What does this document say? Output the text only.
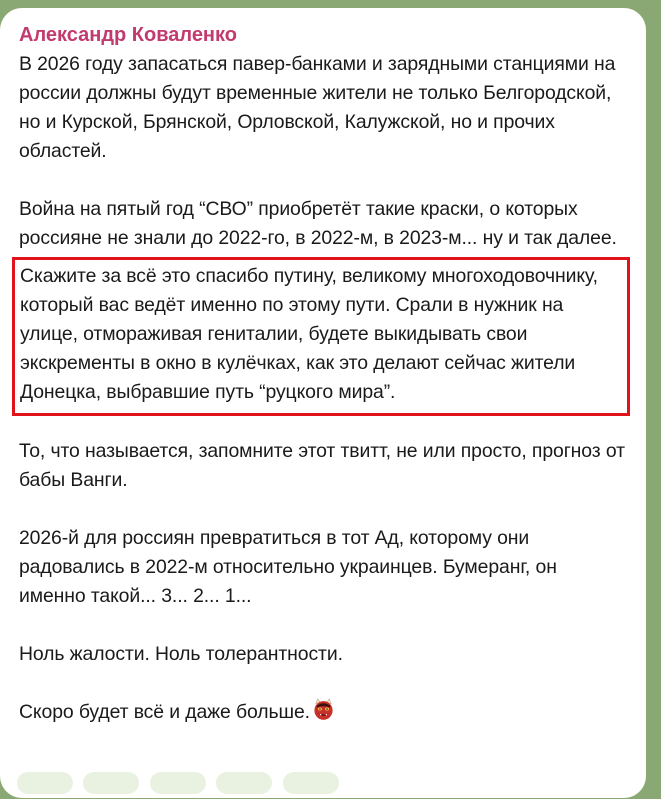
Александр Коваленко

В 2026 году запасаться павер-банками и зарядными станциями на россии должны будут временные жители не только Белгородской, но и Курской, Брянской, Орловской, Калужской, но и прочих областей.

Война на пятый год “СВО” приобретёт такие краски, о которых россияне не знали до 2022-го, в 2022-м, в 2023-м... ну и так далее.

Скажите за всё это спасибо путину, великому многоходовочнику, который вас ведёт именно по этому пути. Срали в нужник на улице, отмораживая гениталии, будете выкидывать свои экскременты в окно в кулёчках, как это делают сейчас жители Донецка, выбравшие путь “руцкого мира”.

То, что называется, запомните этот твитт, не или просто, прогноз от бабы Ванги.

2026-й для россиян превратиться в тот Ад, которому они радовались в 2022-м относительно украинцев. Бумеранг, он именно такой... 3... 2... 1...

Ноль жалости. Ноль толерантности.

Скоро будет всё и даже больше.
